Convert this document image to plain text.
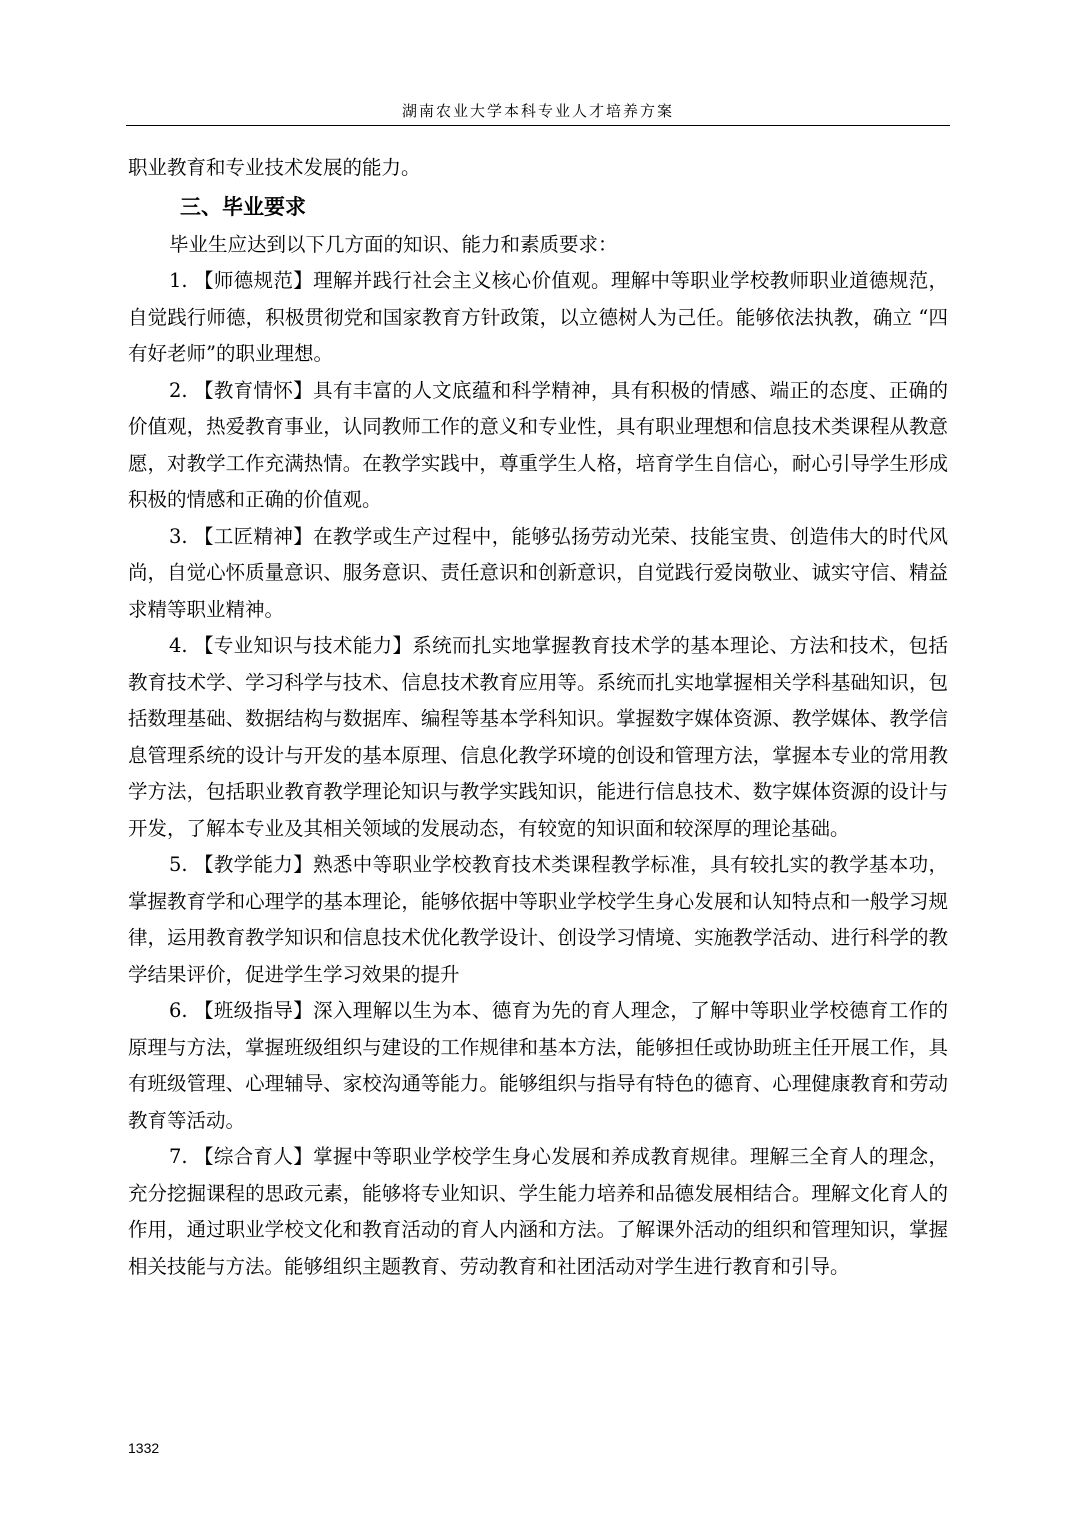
湖南农业大学本科专业人才培养方案

职业教育和专业技术发展的能力。

三、毕业要求

毕业生应达到以下几方面的知识、能力和素质要求：

1. 【师德规范】理解并践行社会主义核心价值观。理解中等职业学校教师职业道德规范，自觉践行师德，积极贯彻党和国家教育方针政策，以立德树人为己任。能够依法执教，确立 “四有好老师”的职业理想。

2. 【教育情怀】具有丰富的人文底蕴和科学精神，具有积极的情感、端正的态度、正确的价值观，热爱教育事业，认同教师工作的意义和专业性，具有职业理想和信息技术类课程从教意愿，对教学工作充满热情。在教学实践中，尊重学生人格，培育学生自信心，耐心引导学生形成积极的情感和正确的价值观。

3. 【工匠精神】在教学或生产过程中，能够弘扬劳动光荣、技能宝贵、创造伟大的时代风尚，自觉心怀质量意识、服务意识、责任意识和创新意识，自觉践行爱岗敬业、诚实守信、精益求精等职业精神。

4. 【专业知识与技术能力】系统而扎实地掌握教育技术学的基本理论、方法和技术，包括教育技术学、学习科学与技术、信息技术教育应用等。系统而扎实地掌握相关学科基础知识，包括数理基础、数据结构与数据库、编程等基本学科知识。掌握数字媒体资源、教学媒体、教学信息管理系统的设计与开发的基本原理、信息化教学环境的创设和管理方法，掌握本专业的常用教学方法，包括职业教育教学理论知识与教学实践知识，能进行信息技术、数字媒体资源的设计与开发，了解本专业及其相关领域的发展动态，有较宽的知识面和较深厚的理论基础。

5. 【教学能力】熟悉中等职业学校教育技术类课程教学标准，具有较扎实的教学基本功，掌握教育学和心理学的基本理论，能够依据中等职业学校学生身心发展和认知特点和一般学习规律，运用教育教学知识和信息技术优化教学设计、创设学习情境、实施教学活动、进行科学的教学结果评价，促进学生学习效果的提升

6. 【班级指导】深入理解以生为本、德育为先的育人理念，了解中等职业学校德育工作的原理与方法，掌握班级组织与建设的工作规律和基本方法，能够担任或协助班主任开展工作，具有班级管理、心理辅导、家校沟通等能力。能够组织与指导有特色的德育、心理健康教育和劳动教育等活动。

7. 【综合育人】掌握中等职业学校学生身心发展和养成教育规律。理解三全育人的理念，充分挖掘课程的思政元素，能够将专业知识、学生能力培养和品德发展相结合。理解文化育人的作用，通过职业学校文化和教育活动的育人内涵和方法。了解课外活动的组织和管理知识，掌握相关技能与方法。能够组织主题教育、劳动教育和社团活动对学生进行教育和引导。

1332
